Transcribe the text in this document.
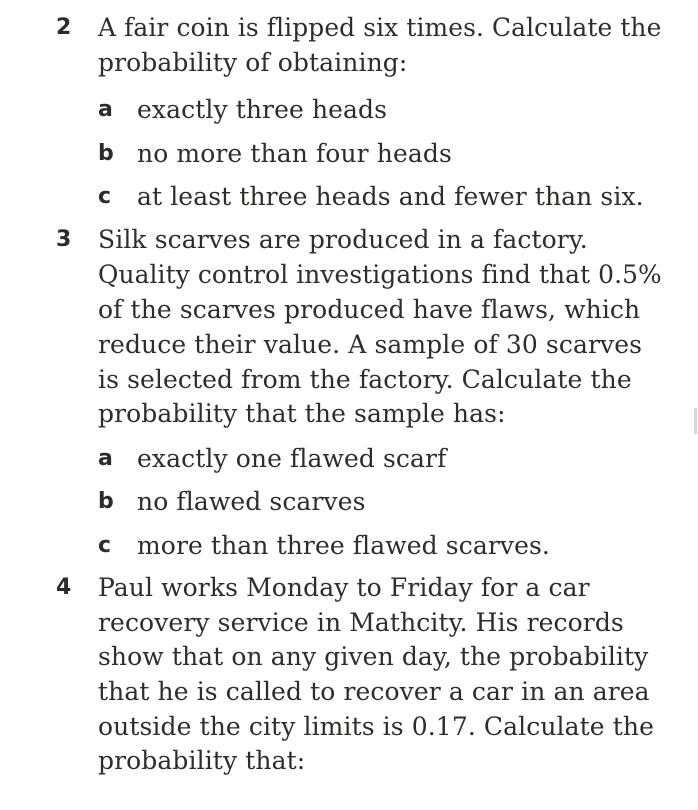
2 A fair coin is flipped six times. Calculate the
probability of obtaining:
a exactly three heads
b no more than four heads
c at least three heads and fewer than six.
3 Silk scarves are produced in a factory.
Quality control investigations find that 0.5%
of the scarves produced have flaws, which
reduce their value. A sample of 30 scarves
is selected from the factory. Calculate the
probability that the sample has:
a exactly one flawed scarf
b no flawed scarves
c more than three flawed scarves.
4 Paul works Monday to Friday for a car
recovery service in Mathcity. His records
show that on any given day, the probability
that he is called to recover a car in an area
outside the city limits is 0.17. Calculate the
probability that:
